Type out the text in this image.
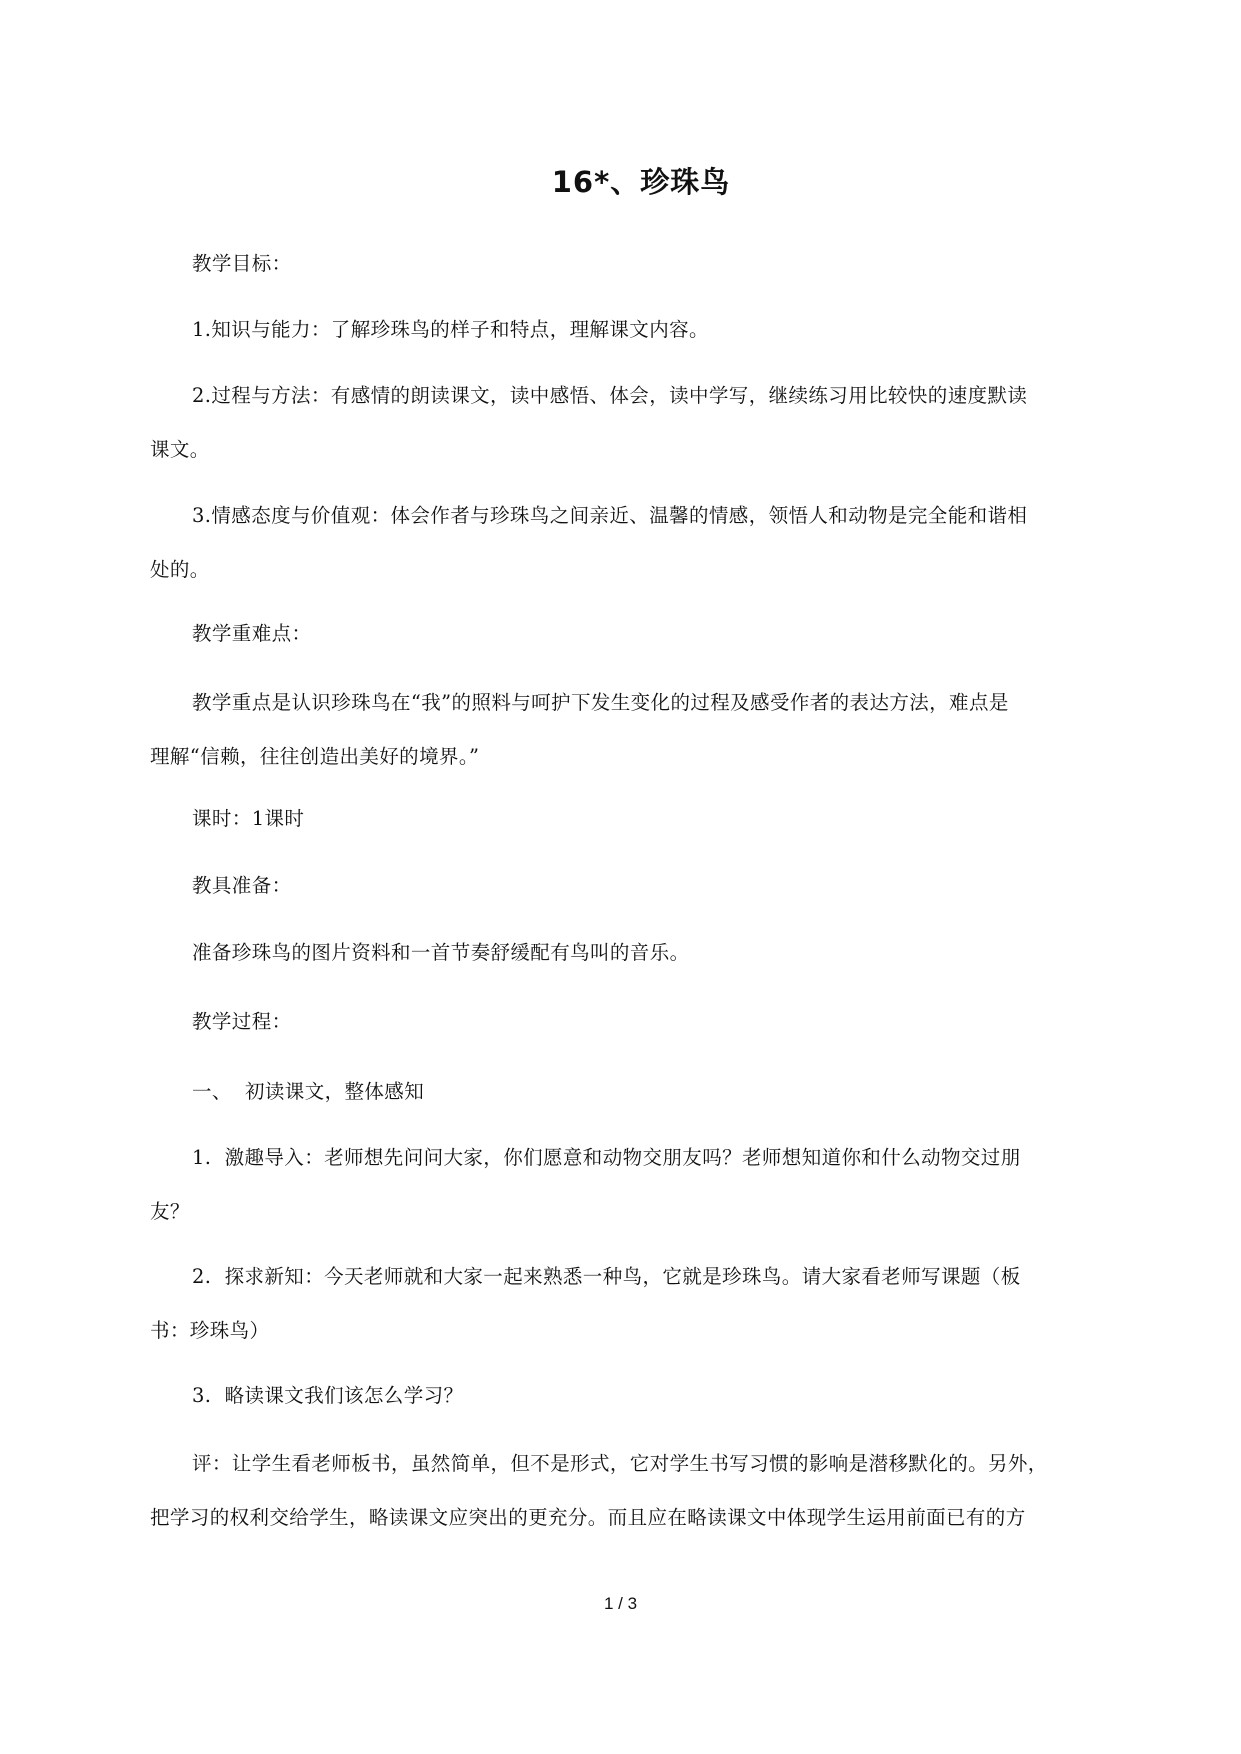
16*、珍珠鸟
教学目标：
1.知识与能力：了解珍珠鸟的样子和特点，理解课文内容。
2.过程与方法：有感情的朗读课文，读中感悟、体会，读中学写，继续练习用比较快的速度默读
课文。
3.情感态度与价值观：体会作者与珍珠鸟之间亲近、温馨的情感，领悟人和动物是完全能和谐相
处的。
教学重难点：
教学重点是认识珍珠鸟在“我”的照料与呵护下发生变化的过程及感受作者的表达方法，难点是
理解“信赖，往往创造出美好的境界。”
课时：1课时
教具准备：
准备珍珠鸟的图片资料和一首节奏舒缓配有鸟叫的音乐。
教学过程：
一、  初读课文，整体感知
1.  激趣导入：老师想先问问大家，你们愿意和动物交朋友吗？老师想知道你和什么动物交过朋
友？
2.  探求新知：今天老师就和大家一起来熟悉一种鸟，它就是珍珠鸟。请大家看老师写课题（板
书：珍珠鸟）
3.  略读课文我们该怎么学习？
评：让学生看老师板书，虽然简单，但不是形式，它对学生书写习惯的影响是潜移默化的。另外，
把学习的权利交给学生，略读课文应突出的更充分。而且应在略读课文中体现学生运用前面已有的方
1 / 3
